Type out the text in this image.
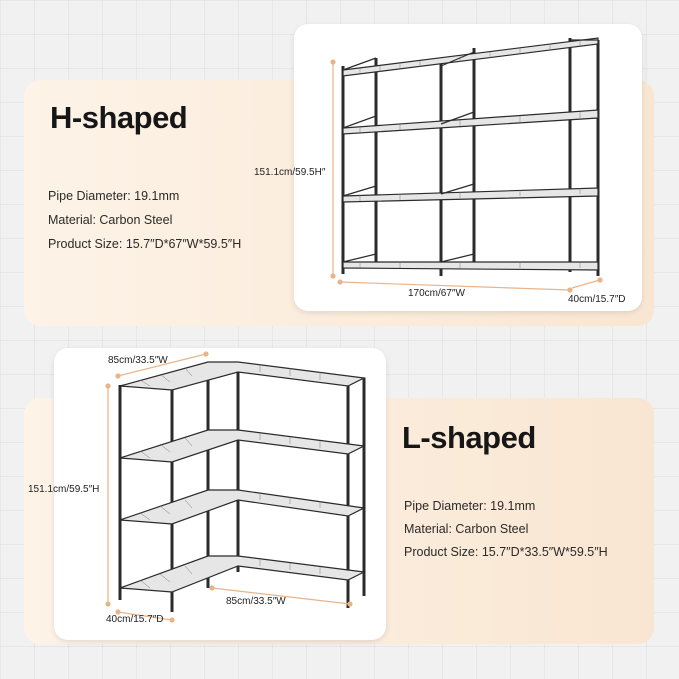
H-shaped
Pipe Diameter: 19.1mm
Material: Carbon Steel
Product Size: 15.7″D*67″W*59.5″H
151.1cm/59.5H″
170cm/67″W
40cm/15.7″D
85cm/33.5″W
151.1cm/59.5″H
40cm/15.7″D
85cm/33.5″W
L-shaped
Pipe Diameter: 19.1mm
Material: Carbon Steel
Product Size: 15.7″D*33.5″W*59.5″H
